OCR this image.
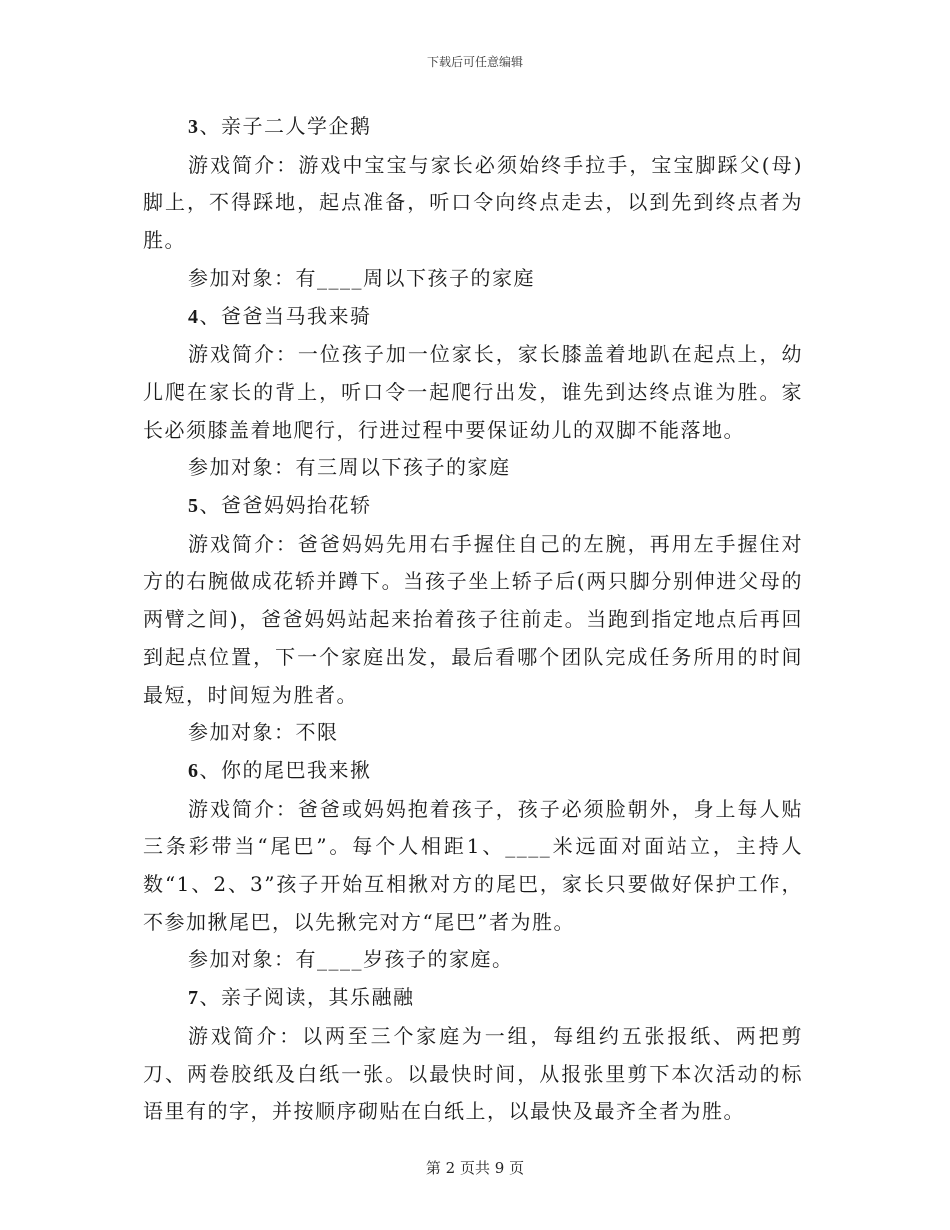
下载后可任意编辑

3、亲子二人学企鹅

游戏简介：游戏中宝宝与家长必须始终手拉手，宝宝脚踩父(母)脚上，不得踩地，起点准备，听口令向终点走去，以到先到终点者为胜。

参加对象：有____周以下孩子的家庭

4、爸爸当马我来骑

游戏简介：一位孩子加一位家长，家长膝盖着地趴在起点上，幼儿爬在家长的背上，听口令一起爬行出发，谁先到达终点谁为胜。家长必须膝盖着地爬行，行进过程中要保证幼儿的双脚不能落地。

参加对象：有三周以下孩子的家庭

5、爸爸妈妈抬花轿

游戏简介：爸爸妈妈先用右手握住自己的左腕，再用左手握住对方的右腕做成花轿并蹲下。当孩子坐上轿子后(两只脚分别伸进父母的两臂之间)，爸爸妈妈站起来抬着孩子往前走。当跑到指定地点后再回到起点位置，下一个家庭出发，最后看哪个团队完成任务所用的时间最短，时间短为胜者。

参加对象：不限

6、你的尾巴我来揪

游戏简介：爸爸或妈妈抱着孩子，孩子必须脸朝外，身上每人贴三条彩带当“尾巴”。每个人相距1、____米远面对面站立，主持人数“1、2、3”孩子开始互相揪对方的尾巴，家长只要做好保护工作，不参加揪尾巴，以先揪完对方“尾巴”者为胜。

参加对象：有____岁孩子的家庭。

7、亲子阅读，其乐融融

游戏简介：以两至三个家庭为一组，每组约五张报纸、两把剪刀、两卷胶纸及白纸一张。以最快时间，从报张里剪下本次活动的标语里有的字，并按顺序砌贴在白纸上，以最快及最齐全者为胜。

第 2 页共 9 页
